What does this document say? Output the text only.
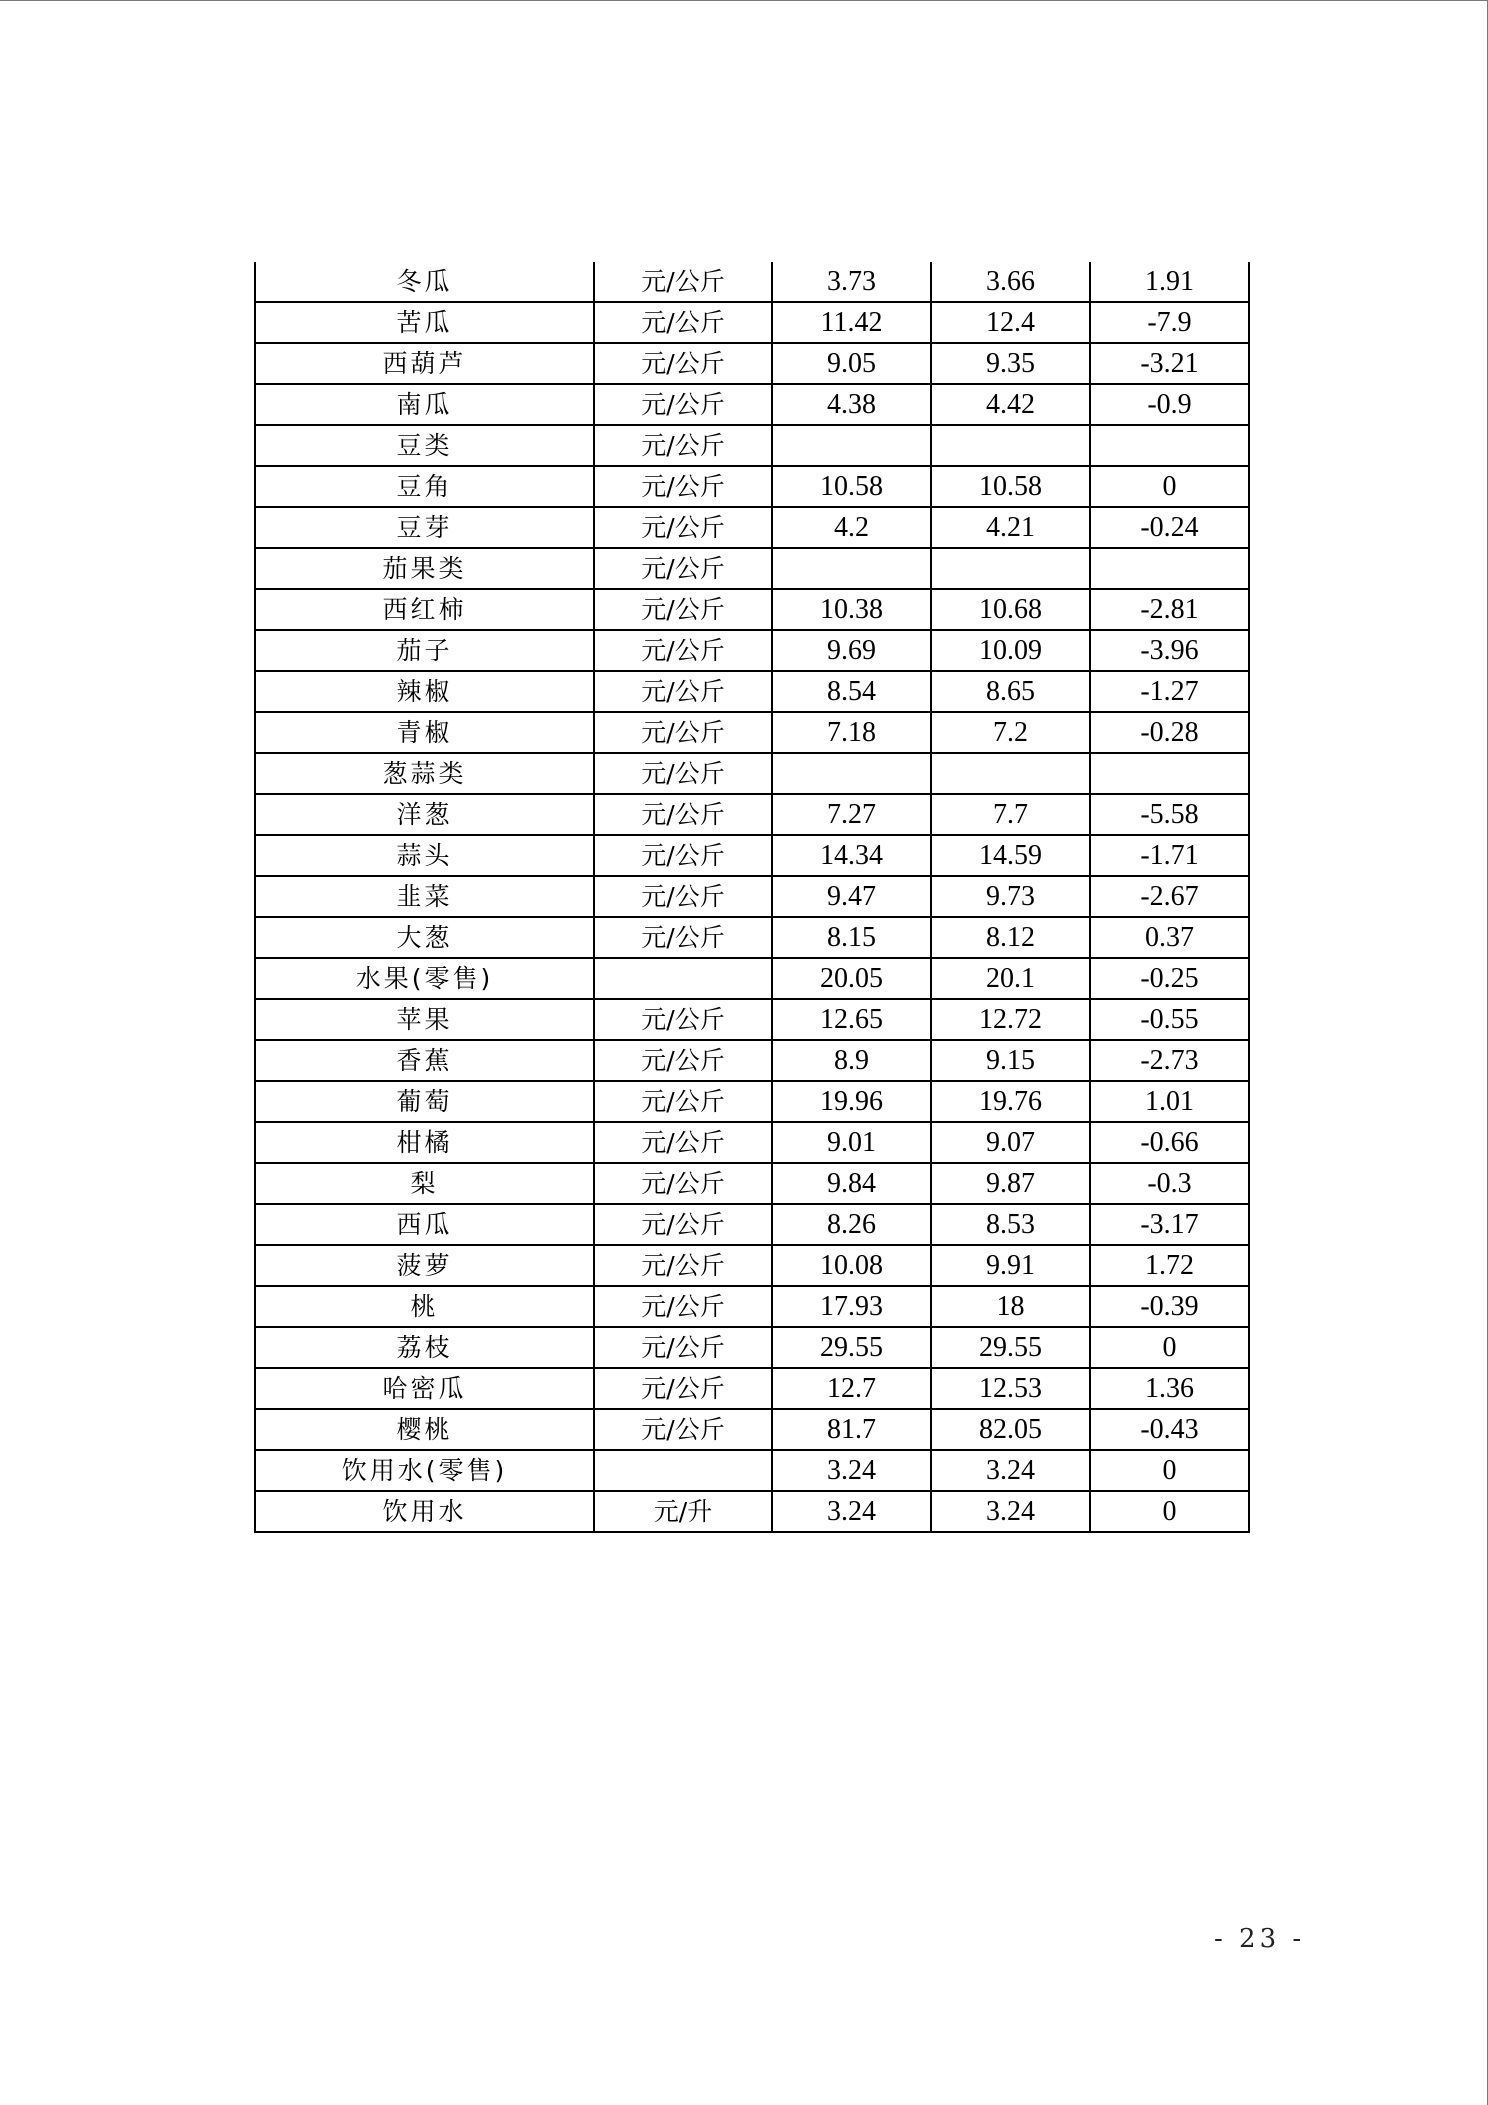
冬瓜	元/公斤	3.73	3.66	1.91
苦瓜	元/公斤	11.42	12.4	-7.9
西葫芦	元/公斤	9.05	9.35	-3.21
南瓜	元/公斤	4.38	4.42	-0.9
豆类	元/公斤			
豆角	元/公斤	10.58	10.58	0
豆芽	元/公斤	4.2	4.21	-0.24
茄果类	元/公斤			
西红柿	元/公斤	10.38	10.68	-2.81
茄子	元/公斤	9.69	10.09	-3.96
辣椒	元/公斤	8.54	8.65	-1.27
青椒	元/公斤	7.18	7.2	-0.28
葱蒜类	元/公斤			
洋葱	元/公斤	7.27	7.7	-5.58
蒜头	元/公斤	14.34	14.59	-1.71
韭菜	元/公斤	9.47	9.73	-2.67
大葱	元/公斤	8.15	8.12	0.37
水果(零售)		20.05	20.1	-0.25
苹果	元/公斤	12.65	12.72	-0.55
香蕉	元/公斤	8.9	9.15	-2.73
葡萄	元/公斤	19.96	19.76	1.01
柑橘	元/公斤	9.01	9.07	-0.66
梨	元/公斤	9.84	9.87	-0.3
西瓜	元/公斤	8.26	8.53	-3.17
菠萝	元/公斤	10.08	9.91	1.72
桃	元/公斤	17.93	18	-0.39
荔枝	元/公斤	29.55	29.55	0
哈密瓜	元/公斤	12.7	12.53	1.36
樱桃	元/公斤	81.7	82.05	-0.43
饮用水(零售)		3.24	3.24	0
饮用水	元/升	3.24	3.24	0
- 23 -
